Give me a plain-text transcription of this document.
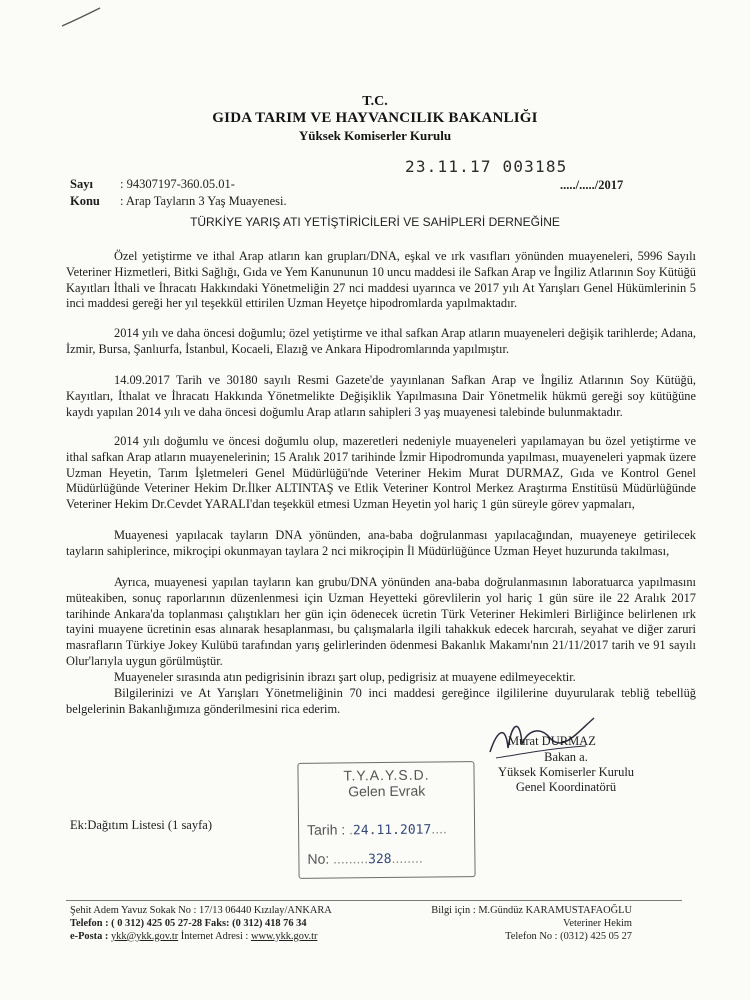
T.C.
GIDA TARIM VE HAYVANCILIK BAKANLIĞI
Yüksek Komiserler Kurulu
23.11.17 003185
Sayı : 94307197-360.05.01-	...../...../2017
Konu : Arap Tayların 3 Yaş Muayenesi.
TÜRKİYE YARIŞ ATI YETİŞTİRİCİLERİ VE SAHİPLERİ DERNEĞİNE

Özel yetiştirme ve ithal Arap atların kan grupları/DNA, eşkal ve ırk vasıfları yönünden muayeneleri, 5996 Sayılı Veteriner Hizmetleri, Bitki Sağlığı, Gıda ve Yem Kanununun 10 uncu maddesi ile Safkan Arap ve İngiliz Atlarının Soy Kütüğü Kayıtları İthali ve İhracatı Hakkındaki Yönetmeliğin 27 nci maddesi uyarınca ve 2017 yılı At Yarışları Genel Hükümlerinin 5 inci maddesi gereği her yıl teşekkül ettirilen Uzman Heyetçe hipodromlarda yapılmaktadır.

2014 yılı ve daha öncesi doğumlu; özel yetiştirme ve ithal safkan Arap atların muayeneleri değişik tarihlerde; Adana, İzmir, Bursa, Şanlıurfa, İstanbul, Kocaeli, Elazığ ve Ankara Hipodromlarında yapılmıştır.

14.09.2017 Tarih ve 30180 sayılı Resmi Gazete'de yayınlanan Safkan Arap ve İngiliz Atlarının Soy Kütüğü, Kayıtları, İthalat ve İhracatı Hakkında Yönetmelikte Değişiklik Yapılmasına Dair Yönetmelik hükmü gereği soy kütüğüne kaydı yapılan 2014 yılı ve daha öncesi doğumlu Arap atların sahipleri 3 yaş muayenesi talebinde bulunmaktadır.

2014 yılı doğumlu ve öncesi doğumlu olup, mazeretleri nedeniyle muayeneleri yapılamayan bu özel yetiştirme ve ithal safkan Arap atların muayenelerinin; 15 Aralık 2017 tarihinde İzmir Hipodromunda yapılması, muayeneleri yapmak üzere Uzman Heyetin, Tarım İşletmeleri Genel Müdürlüğü'nde Veteriner Hekim Murat DURMAZ, Gıda ve Kontrol Genel Müdürlüğünde Veteriner Hekim Dr.İlker ALTINTAŞ ve Etlik Veteriner Kontrol Merkez Araştırma Enstitüsü Müdürlüğünde Veteriner Hekim Dr.Cevdet YARALI'dan teşekkül etmesi Uzman Heyetin yol hariç 1 gün süreyle görev yapmaları,

Muayenesi yapılacak tayların DNA yönünden, ana-baba doğrulanması yapılacağından, muayeneye getirilecek tayların sahiplerince, mikroçipi okunmayan taylara 2 nci mikroçipin İl Müdürlüğünce Uzman Heyet huzurunda takılması,

Ayrıca, muayenesi yapılan tayların kan grubu/DNA yönünden ana-baba doğrulanmasının laboratuarca yapılmasını müteakiben, sonuç raporlarının düzenlenmesi için Uzman Heyetteki görevlilerin yol hariç 1 gün süre ile 22 Aralık 2017 tarihinde Ankara'da toplanması çalıştıkları her gün için ödenecek ücretin Türk Veteriner Hekimleri Birliğince belirlenen ırk tayini muayene ücretinin esas alınarak hesaplanması, bu çalışmalarla ilgili tahakkuk edecek harcırah, seyahat ve diğer zaruri masrafların Türkiye Jokey Kulübü tarafından yarış gelirlerinden ödenmesi Bakanlık Makamı'nın 21/11/2017 tarih ve 91 sayılı Olur'larıyla uygun görülmüştür.

Muayeneler sırasında atın pedigrisinin ibrazı şart olup, pedigrisiz at muayene edilmeyecektir.

Bilgilerinizi ve At Yarışları Yönetmeliğinin 70 inci maddesi gereğince ilgililerine duyurularak tebliğ tebellüğ belgelerinin Bakanlığımıza gönderilmesini rica ederim.

Murat DURMAZ
Bakan a.
Yüksek Komiserler Kurulu
Genel Koordinatörü
T.Y.A.Y.S.D.
Gelen Evrak
Tarih : .24.11.2017....
No: .........328........
Ek:Dağıtım Listesi (1 sayfa)
Şehit Adem Yavuz Sokak No : 17/13 06440 Kızılay/ANKARA
Telefon : ( 0 312) 425 05 27-28 Faks: (0 312) 418 76 34
e-Posta : ykk@ykk.gov.tr İnternet Adresi : www.ykk.gov.tr
Bilgi için : M.Gündüz KARAMUSTAFAOĞLU
Veteriner Hekim
Telefon No : (0312) 425 05 27
